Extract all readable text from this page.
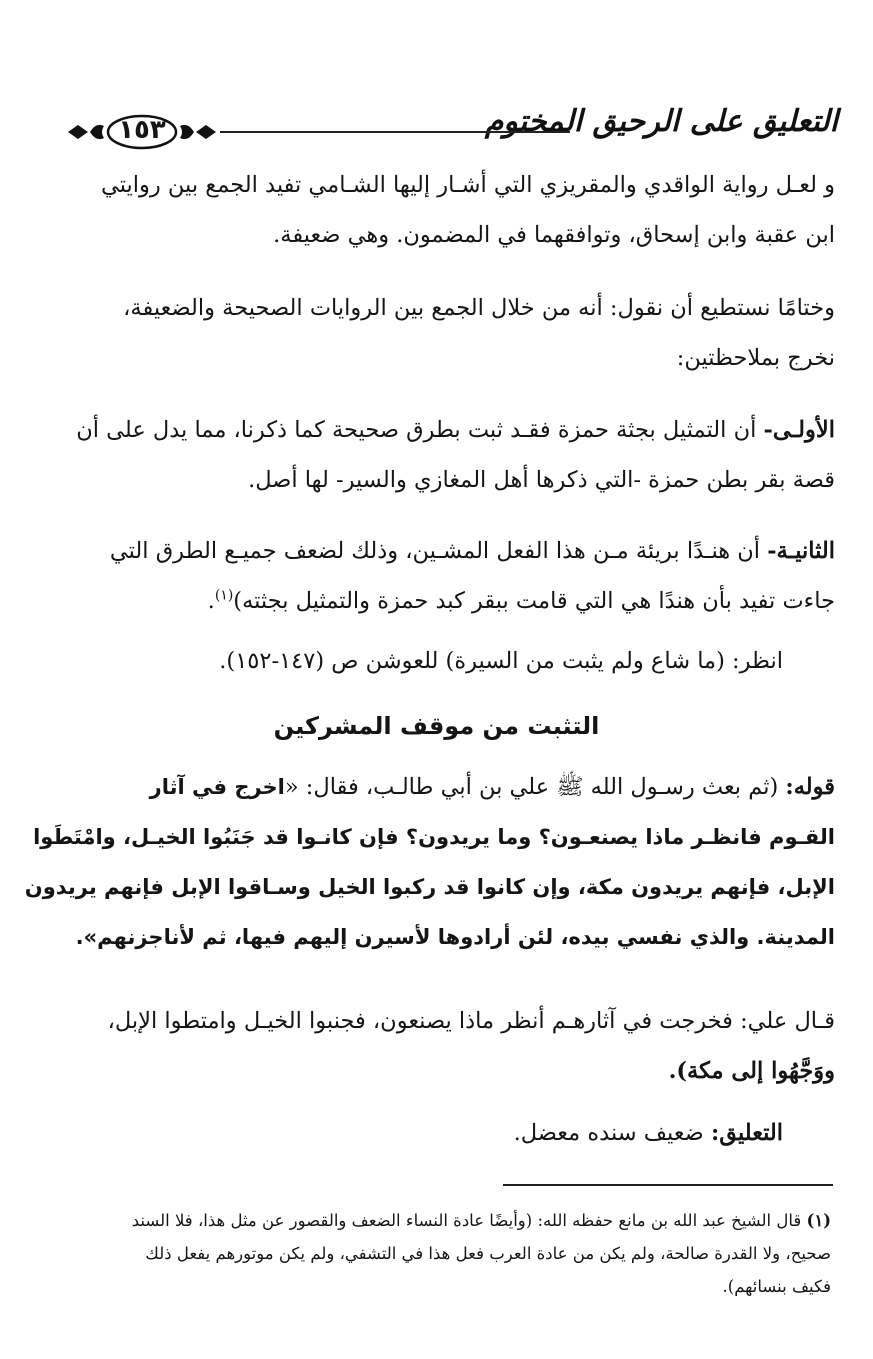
التعليق على الرحيق المختوم
١٥٣
و لعـل رواية الواقدي والمقريزي التي أشـار إليها الشـامي تفيد الجمع بين روايتي
ابن عقبة وابن إسحاق، وتوافقهما في المضمون. وهي ضعيفة.
وختامًا نستطيع أن نقول: أنه من خلال الجمع بين الروايات الصحيحة والضعيفة،
نخرج بملاحظتين:
الأولـى- أن التمثيل بجثة حمزة فقـد ثبت بطرق صحيحة كما ذكرنا، مما يدل على أن
قصة بقر بطن حمزة -التي ذكرها أهل المغازي والسير- لها أصل.
الثانيـة- أن هنـدًا بريئة مـن هذا الفعل المشـين، وذلك لضعف جميـع الطرق التي
جاءت تفيد بأن هندًا هي التي قامت ببقر كبد حمزة والتمثيل بجثته)$^{(١)}$.
انظر: (ما شاع ولم يثبت من السيرة) للعوشن ص (١٤٧-١٥٢).
التثبت من موقف المشركين
قوله: (ثم بعث رسـول الله ﷺ علي بن أبي طالـب، فقال: «اخرج في آثار
القـوم فانظـر ماذا يصنعـون؟ وما يريدون؟ فإن كانـوا قد جَنَبُوا الخيـل، وامْتَطَوا
الإبل، فإنهم يريدون مكة، وإن كانوا قد ركبوا الخيل وسـاقوا الإبل فإنهم يريدون
المدينة. والذي نفسي بيده، لئن أرادوها لأسيرن إليهم فيها، ثم لأناجزنهم».
قـال علي: فخرجت في آثارهـم أنظر ماذا يصنعون، فجنبوا الخيـل وامتطوا الإبل،
ووَجَّهُوا إلى مكة).
التعليق: ضعيف سنده معضل.
(١) قال الشيخ عبد الله بن مانع حفظه الله: (وأيضًا عادة النساء الضعف والقصور عن مثل هذا، فلا السند
صحيح، ولا القدرة صالحة، ولم يكن من عادة العرب فعل هذا في التشفي، ولم يكن موتورهم يفعل ذلك
فكيف بنسائهم).
